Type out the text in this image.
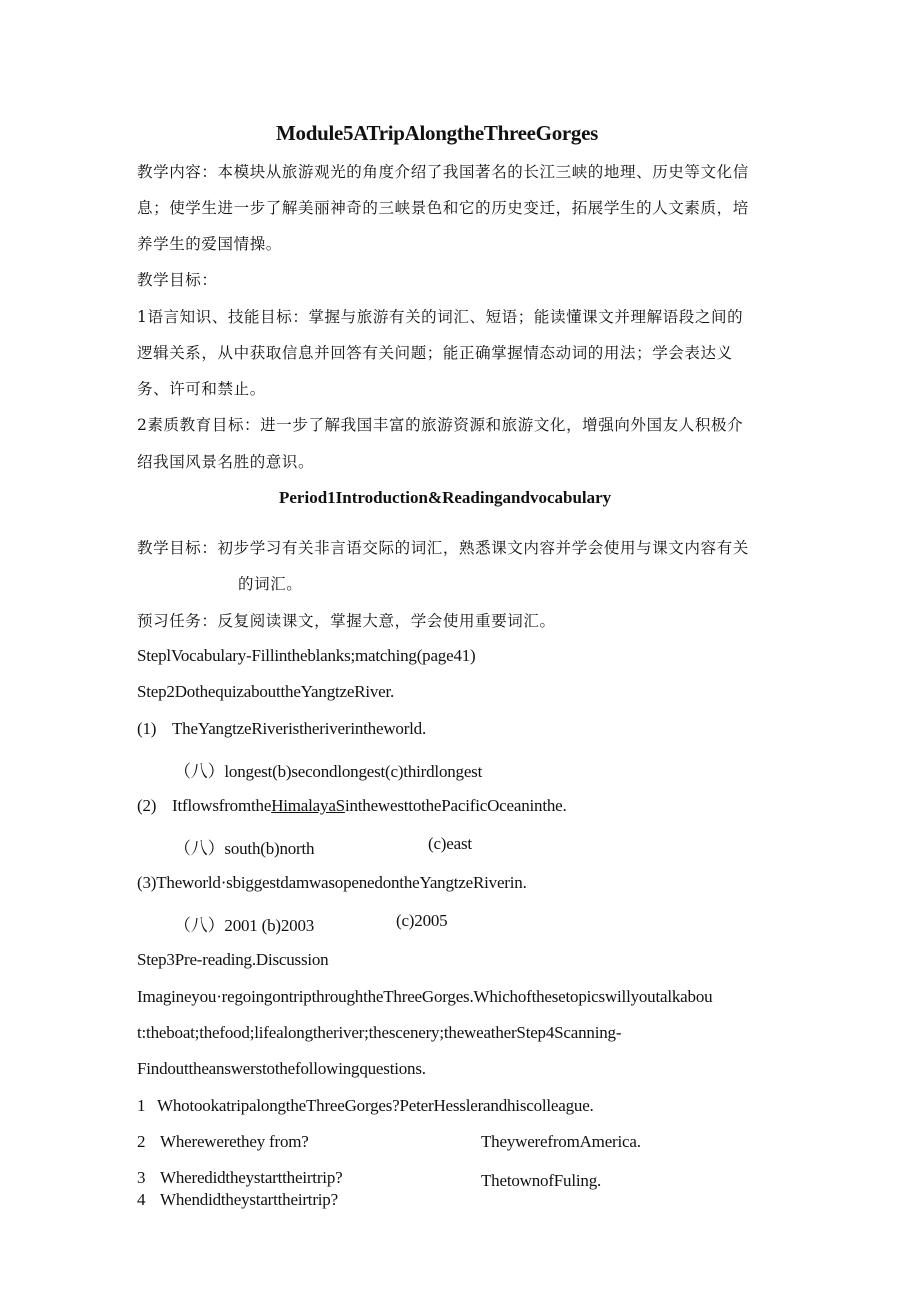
Module5ATripAlongtheThreeGorges
教学内容：本模块从旅游观光的角度介绍了我国著名的长江三峡的地理、历史等文化信
息；使学生进一步了解美丽神奇的三峡景色和它的历史变迁，拓展学生的人文素质，培
养学生的爱国情操。
教学目标：
1语言知识、技能目标：掌握与旅游有关的词汇、短语；能读懂课文并理解语段之间的
逻辑关系，从中获取信息并回答有关问题；能正确掌握情态动词的用法；学会表达义
务、许可和禁止。
2素质教育目标：进一步了解我国丰富的旅游资源和旅游文化，增强向外国友人积极介
绍我国风景名胜的意识。
Period1Introduction&Readingandvocabulary
教学目标：初步学习有关非言语交际的词汇，熟悉课文内容并学会使用与课文内容有关
的词汇。
预习任务：反复阅读课文，掌握大意，学会使用重要词汇。
SteplVocabulary-Fillintheblanks;matching(page41)
Step2DothequizabouttheYangtzeRiver.
(1) TheYangtzeRiveristheriverintheworld.
（八）longest(b)secondlongest(c)thirdlongest
(2) ItflowsfromtheHimalayaSinthewesttothePacificOceaninthe.
（八）south(b)north	(c)east
(3)Theworld·sbiggestdamwasopenedontheYangtzeRiverin.
（八）2001 (b)2003	(c)2005
Step3Pre-reading.Discussion
Imagineyou·regoingontripthroughtheThreeGorges.Whichofthesetopicswillyoutalkabou
t:theboat;thefood;lifealongtheriver;thescenery;theweatherStep4Scanning-
Findouttheanswerstothefollowingquestions.
1 WhotookatripalongtheThreeGorges?PeterHesslerandhiscolleague.
2 Wherewerethey from?	TheywerefromAmerica.
3 Wheredidtheystarttheirtrip?	ThetownofFuling.
4 Whendidtheystarttheirtrip?
